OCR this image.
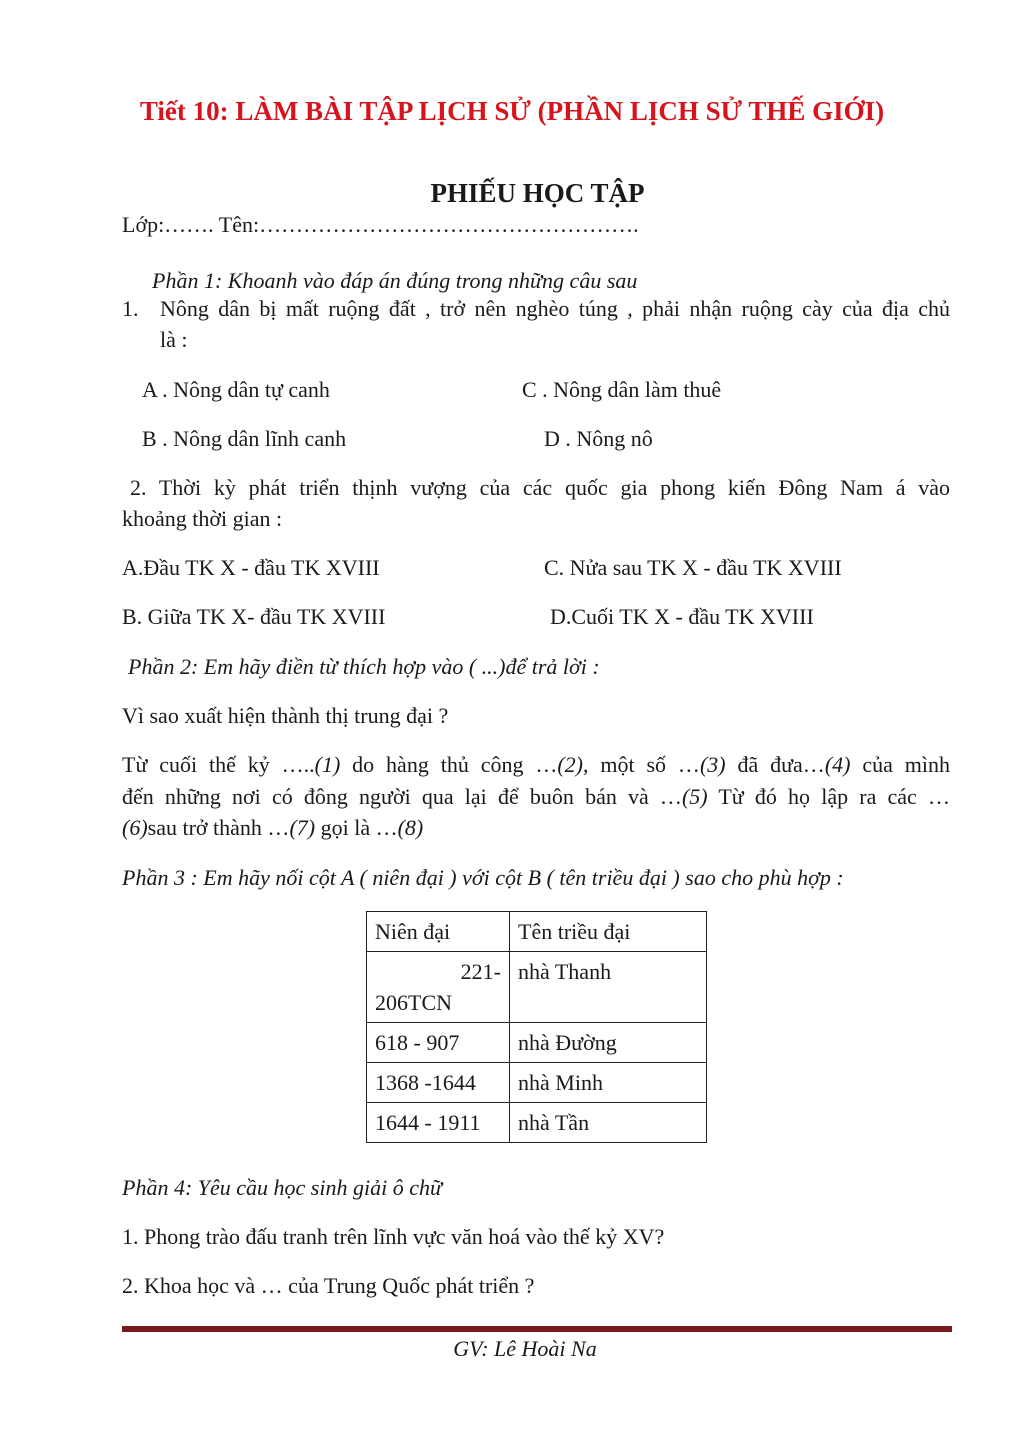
Tiết 10: LÀM BÀI TẬP LỊCH SỬ (PHẦN LỊCH SỬ THẾ GIỚI)
PHIẾU HỌC TẬP
Lớp:……. Tên:…………………………………………….
Phần 1: Khoanh vào đáp án đúng trong những câu sau
1. Nông dân bị mất ruộng đất , trở nên nghèo túng , phải nhận ruộng cày của địa chủ
là :
A . Nông dân tự canh	C . Nông dân làm thuê
B . Nông dân lĩnh canh	D . Nông nô
2. Thời kỳ phát triển thịnh vượng của các quốc gia phong kiến Đông Nam á vào
khoảng thời gian :
A.Đầu TK X - đầu TK XVIII	C. Nửa sau TK X - đầu TK XVIII
B. Giữa TK X- đầu TK XVIII	D.Cuối TK X - đầu TK XVIII
Phần 2: Em hãy điền từ thích hợp vào ( ...)để trả lời :
Vì sao xuất hiện thành thị trung đại ?
Từ cuối thế kỷ …..(1) do hàng thủ công …(2), một số …(3) đã đưa…(4) của mình
đến những nơi có đông người qua lại để buôn bán và …(5) Từ đó họ lập ra các …
(6)sau trở thành …(7) gọi là …(8)
Phần 3 : Em hãy nối cột A ( niên đại ) với cột B ( tên triều đại ) sao cho phù hợp :
Niên đại	Tên triều đại

221-
206TCN	nhà Thanh
618 - 907	nhà Đường
1368 -1644	nhà Minh
1644 - 1911	nhà Tần
Phần 4: Yêu cầu học sinh giải ô chữ
1. Phong trào đấu tranh trên lĩnh vực văn hoá vào thế kỷ XV?
2. Khoa học và … của Trung Quốc phát triển ?
GV: Lê Hoài Na
